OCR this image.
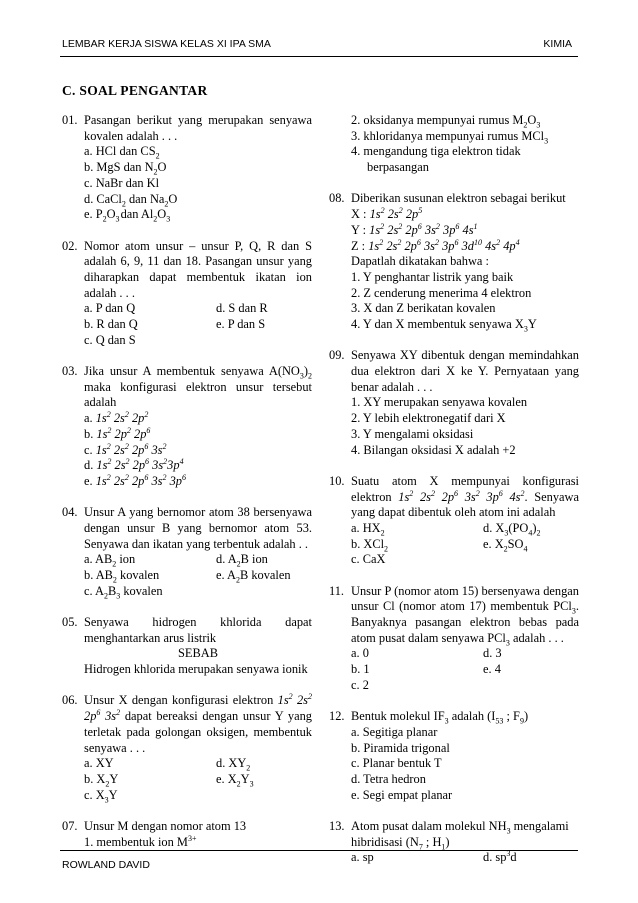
LEMBAR KERJA SISWA KELAS XI IPA SMA	KIMIA
C. SOAL PENGANTAR
01. Pasangan berikut yang merupakan senyawa kovalen adalah . . .
a. HCl dan $CS_2$
b. MgS dan $N_2O$
c. NaBr dan Kl
d. CaCl$_2$ dan $Na_2O$
e. $P_2O_3$ dan $Al_2O_3$
02. Nomor atom unsur – unsur P, Q, R dan S adalah 6, 9, 11 dan 18. Pasangan unsur yang diharapkan dapat membentuk ikatan ion adalah . . .
a. P dan Q	d. S dan R
b. R dan Q	e. P dan S
c. Q dan S
03. Jika unsur A membentuk senyawa $A(NO_3)_2$ maka konfigurasi elektron unsur tersebut adalah
a. $1s^2$ $2s^2$ $2p^2$
b. $1s^2$ $2p^2$ $2p^6$
c. $1s^2$ $2s^2$ $2p^6$ $3s^2$
d. $1s^2$ $2s^2$ $2p^6$ $3s^23p^4$
e. $1s^2$ $2s^2$ $2p^6$ $3s^2$ $3p^6$
04. Unsur A yang bernomor atom 38 bersenyawa dengan unsur B yang bernomor atom 53. Senyawa dan ikatan yang terbentuk adalah . .
a. $AB_2$ ion	d. $A_2B$ ion
b. $AB_2$ kovalen	e. $A_2B$ kovalen
c. $A_2B_3$ kovalen
05. Senyawa hidrogen khlorida dapat menghantarkan arus listrik
SEBAB
Hidrogen khlorida merupakan senyawa ionik
06. Unsur X dengan konfigurasi elektron $1s^2$ $2s^2$ $2p^6$ $3s^2$ dapat bereaksi dengan unsur Y yang terletak pada golongan oksigen, membentuk senyawa . . .
a. XY	d. $XY_2$
b. $X_2Y$	e. $X_2Y_3$
c. $X_3Y$
07. Unsur M dengan nomor atom 13
1. membentuk ion $M^{3+}$
2. oksidanya mempunyai rumus $M_2O_3$
3. khloridanya mempunyai rumus MCl$_3$
4. mengandung tiga elektron tidak berpasangan
08. Diberikan susunan elektron sebagai berikut
X : $1s^2$ $2s^2$ $2p^5$
Y : $1s^2$ $2s^2$ $2p^6$ $3s^2$ $3p^6$ $4s^1$
Z : $1s^2$ $2s^2$ $2p^6$ $3s^2$ $3p^6$ $3d^{10}$ $4s^2$ $4p^4$
Dapatlah dikatakan bahwa :
1. Y penghantar listrik yang baik
2. Z cenderung menerima 4 elektron
3. X dan Z berikatan kovalen
4. Y dan X membentuk senyawa $X_3Y$
09. Senyawa XY dibentuk dengan memindahkan dua elektron dari X ke Y. Pernyataan yang benar adalah . . .
1. XY merupakan senyawa kovalen
2. Y lebih elektronegatif dari X
3. Y mengalami oksidasi
4. Bilangan oksidasi X adalah +2
10. Suatu atom X mempunyai konfigurasi elektron $1s^2$ $2s^2$ $2p^6$ $3s^2$ $3p^6$ $4s^2$. Senyawa yang dapat dibentuk oleh atom ini adalah
a. $HX_2$	d. $X_3(PO_4)_2$
b. XCl$_2$	e. $X_2SO_4$
c. CaX
11. Unsur P (nomor atom 15) bersenyawa dengan unsur Cl (nomor atom 17) membentuk PCl$_3$. Banyaknya pasangan elektron bebas pada atom pusat dalam senyawa PCl$_3$ adalah . . .
a. 0	d. 3
b. 1	e. 4
c. 2
12. Bentuk molekul $IF_3$ adalah ($I_{53}$ ; $F_9$)
a. Segitiga planar
b. Piramida trigonal
c. Planar bentuk T
d. Tetra hedron
e. Segi empat planar
13. Atom pusat dalam molekul $NH_3$ mengalami hibridisasi ($N_7$ ; $H_1$)
a. sp	d. $sp^3d$
ROWLAND DAVID
